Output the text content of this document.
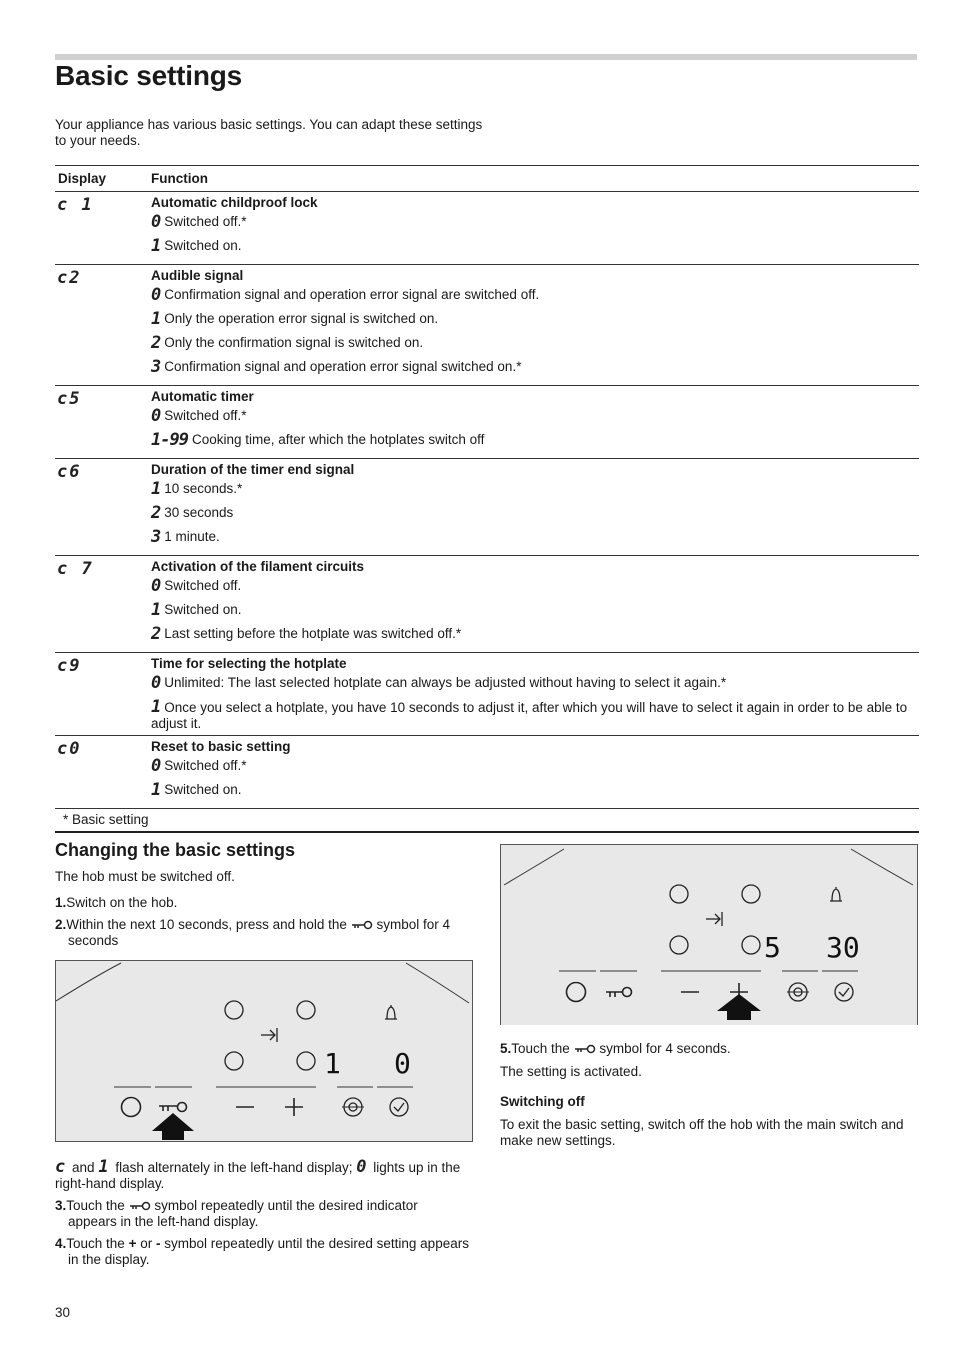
Basic settings
Your appliance has various basic settings. You can adapt these settings to your needs.
Display	Function
c 1	Automatic childproof lock
0 Switched off.*
1 Switched on.
c2	Audible signal
0 Confirmation signal and operation error signal are switched off.
1 Only the operation error signal is switched on.
2 Only the confirmation signal is switched on.
3 Confirmation signal and operation error signal switched on.*
c5	Automatic timer
0 Switched off.*
1-99 Cooking time, after which the hotplates switch off
c6	Duration of the timer end signal
1 10 seconds.*
2 30 seconds
3 1 minute.
c 7	Activation of the filament circuits
0 Switched off.
1 Switched on.
2 Last setting before the hotplate was switched off.*
c9	Time for selecting the hotplate
0 Unlimited: The last selected hotplate can always be adjusted without having to select it again.*
1 Once you select a hotplate, you have 10 seconds to adjust it, after which you will have to select it again in order to be able to adjust it.
c0	Reset to basic setting
0 Switched off.*
1 Switched on.
* Basic setting
Changing the basic settings
The hob must be switched off.
1.Switch on the hob.
2.Within the next 10 seconds, press and hold the symbol for 4 seconds
1 0
c and 1 flash alternately in the left-hand display; 0 lights up in the right-hand display.
3.Touch the symbol repeatedly until the desired indicator appears in the left-hand display.
4.Touch the + or - symbol repeatedly until the desired setting appears in the display.
5 30
5.Touch the symbol for 4 seconds.
The setting is activated.
Switching off
To exit the basic setting, switch off the hob with the main switch and make new settings.
30
